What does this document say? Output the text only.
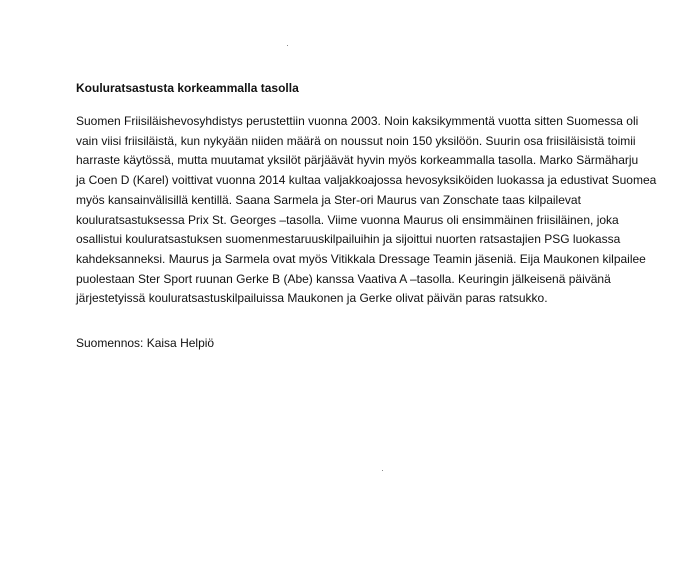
Kouluratsastusta korkeammalla tasolla
Suomen Friisiläishevosyhdistys perustettiin vuonna 2003. Noin kaksikymmentä vuotta sitten Suomessa oli
vain viisi friisiläistä, kun nykyään niiden määrä on noussut noin 150 yksilöön. Suurin osa friisiläisistä toimii
harraste käytössä, mutta muutamat yksilöt pärjäävät hyvin myös korkeammalla tasolla. Marko Särmäharju
ja Coen D (Karel) voittivat vuonna 2014 kultaa valjakkoajossa hevosyksiköiden luokassa ja edustivat Suomea
myös kansainvälisillä kentillä. Saana Sarmela ja Ster-ori Maurus van Zonschate taas kilpailevat
kouluratsastuksessa Prix St. Georges –tasolla. Viime vuonna Maurus oli ensimmäinen friisiläinen, joka
osallistui kouluratsastuksen suomenmestaruuskilpailuihin ja sijoittui nuorten ratsastajien PSG luokassa
kahdeksanneksi. Maurus ja Sarmela ovat myös Vitikkala Dressage Teamin jäseniä. Eija Maukonen kilpailee
puolestaan Ster Sport ruunan Gerke B (Abe) kanssa Vaativa A –tasolla. Keuringin jälkeisenä päivänä
järjestetyissä kouluratsastuskilpailuissa Maukonen ja Gerke olivat päivän paras ratsukko.

Suomennos: Kaisa Helpiö
